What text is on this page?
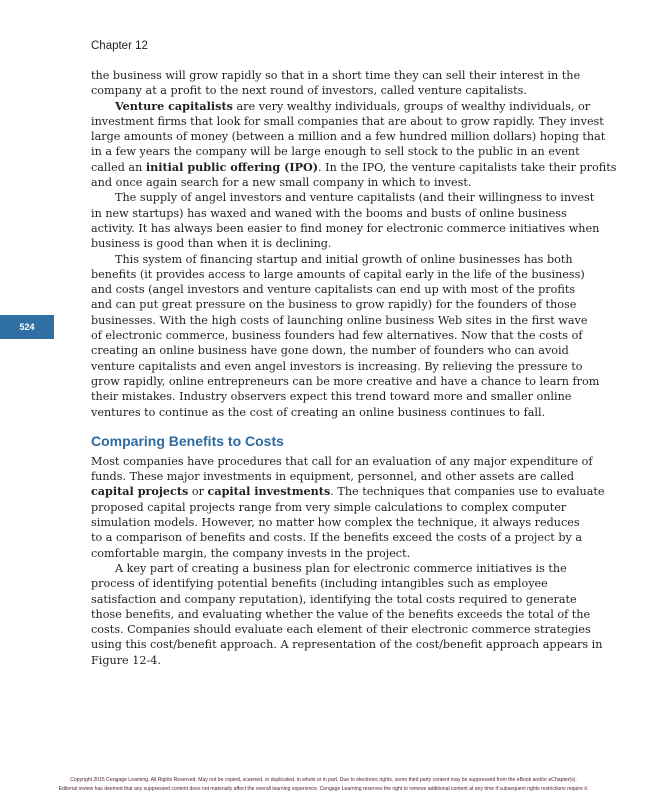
Chapter 12
524

the business will grow rapidly so that in a short time they can sell their interest in the
company at a profit to the next round of investors, called venture capitalists.

Venture capitalists are very wealthy individuals, groups of wealthy individuals, or
investment firms that look for small companies that are about to grow rapidly. They invest
large amounts of money (between a million and a few hundred million dollars) hoping that
in a few years the company will be large enough to sell stock to the public in an event
called an initial public offering (IPO). In the IPO, the venture capitalists take their profits
and once again search for a new small company in which to invest.

The supply of angel investors and venture capitalists (and their willingness to invest
in new startups) has waxed and waned with the booms and busts of online business
activity. It has always been easier to find money for electronic commerce initiatives when
business is good than when it is declining.

This system of financing startup and initial growth of online businesses has both
benefits (it provides access to large amounts of capital early in the life of the business)
and costs (angel investors and venture capitalists can end up with most of the profits
and can put great pressure on the business to grow rapidly) for the founders of those
businesses. With the high costs of launching online business Web sites in the first wave
of electronic commerce, business founders had few alternatives. Now that the costs of
creating an online business have gone down, the number of founders who can avoid
venture capitalists and even angel investors is increasing. By relieving the pressure to
grow rapidly, online entrepreneurs can be more creative and have a chance to learn from
their mistakes. Industry observers expect this trend toward more and smaller online
ventures to continue as the cost of creating an online business continues to fall.

Comparing Benefits to Costs

Most companies have procedures that call for an evaluation of any major expenditure of
funds. These major investments in equipment, personnel, and other assets are called
capital projects or capital investments. The techniques that companies use to evaluate
proposed capital projects range from very simple calculations to complex computer
simulation models. However, no matter how complex the technique, it always reduces
to a comparison of benefits and costs. If the benefits exceed the costs of a project by a
comfortable margin, the company invests in the project.

A key part of creating a business plan for electronic commerce initiatives is the
process of identifying potential benefits (including intangibles such as employee
satisfaction and company reputation), identifying the total costs required to generate
those benefits, and evaluating whether the value of the benefits exceeds the total of the
costs. Companies should evaluate each element of their electronic commerce strategies
using this cost/benefit approach. A representation of the cost/benefit approach appears in
Figure 12-4.

Copyright 2015 Cengage Learning. All Rights Reserved. May not be copied, scanned, or duplicated, in whole or in part. Due to electronic rights, some third party content may be suppressed from the eBook and/or eChapter(s).
Editorial review has deemed that any suppressed content does not materially affect the overall learning experience. Cengage Learning reserves the right to remove additional content at any time if subsequent rights restrictions require it.
